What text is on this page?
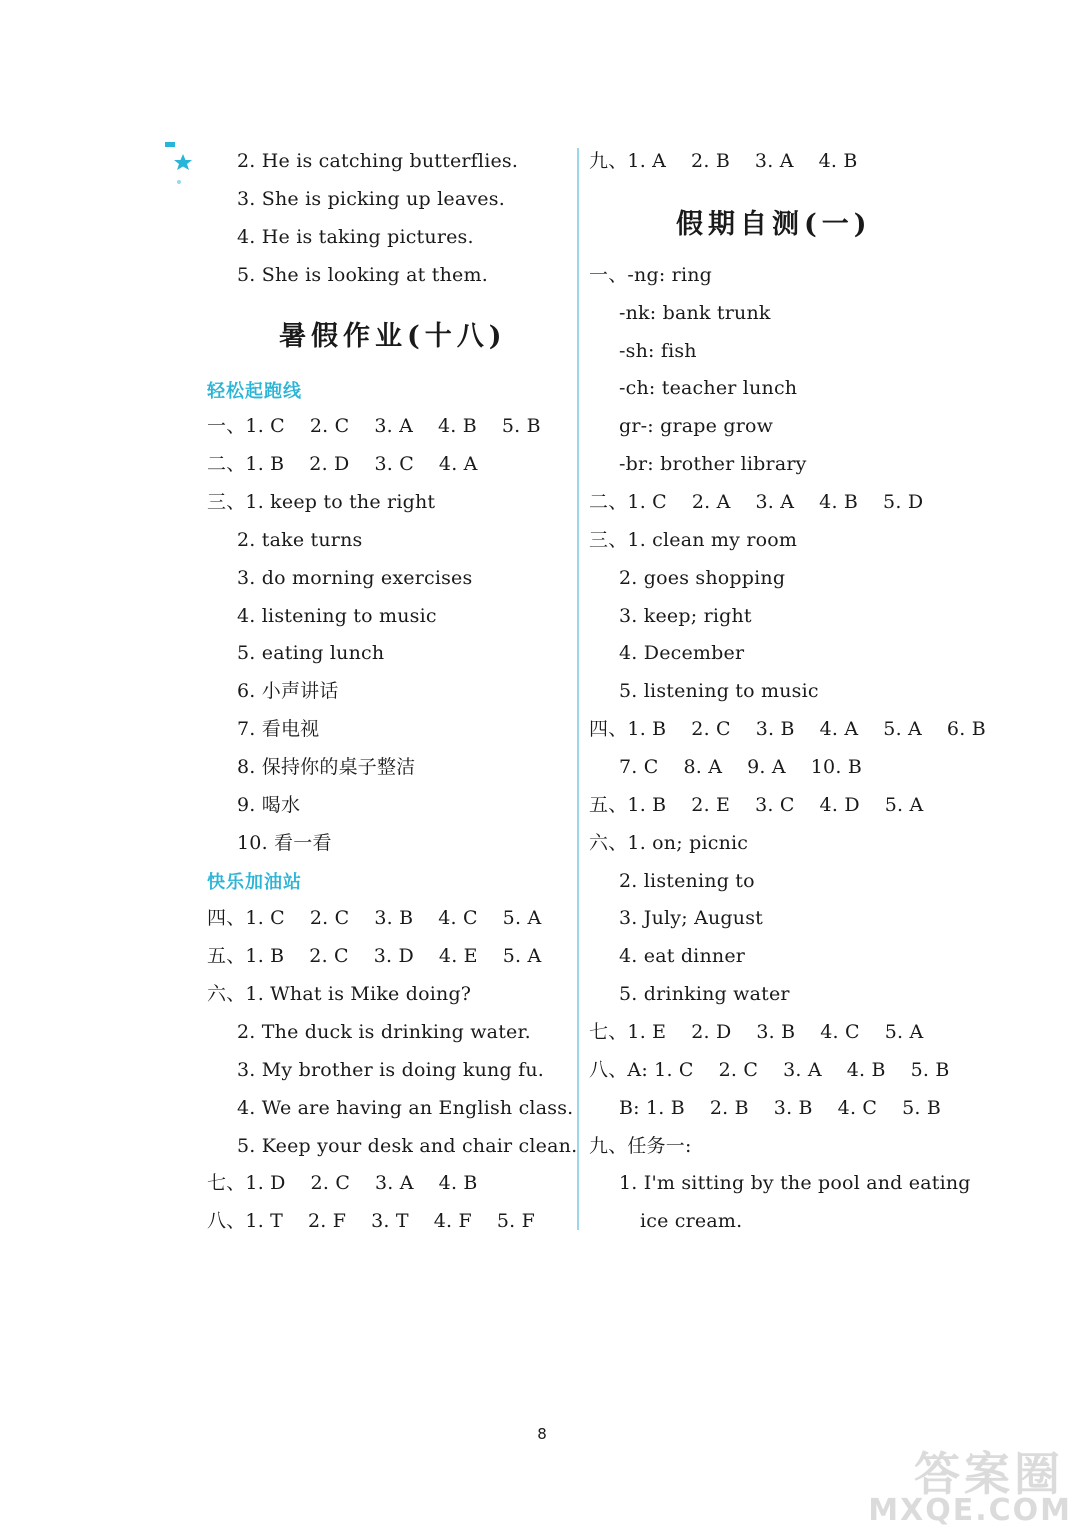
2. He is catching butterflies.
3. She is picking up leaves.
4. He is taking pictures.
5. She is looking at them.
暑假作业(十八)
轻松起跑线
一、1. C    2. C    3. A    4. B    5. B
二、1. B    2. D    3. C    4. A
三、1. keep to the right
2. take turns
3. do morning exercises
4. listening to music
5. eating lunch
6. 小声讲话
7. 看电视
8. 保持你的桌子整洁
9. 喝水
10. 看一看
快乐加油站
四、1. C    2. C    3. B    4. C    5. A
五、1. B    2. C    3. D    4. E    5. A
六、1. What is Mike doing?
2. The duck is drinking water.
3. My brother is doing kung fu.
4. We are having an English class.
5. Keep your desk and chair clean.
七、1. D    2. C    3. A    4. B
八、1. T    2. F    3. T    4. F    5. F
九、1. A    2. B    3. A    4. B
假期自测(一)
一、-ng: ring
-nk: bank trunk
-sh: fish
-ch: teacher lunch
gr-: grape grow
-br: brother library
二、1. C    2. A    3. A    4. B    5. D
三、1. clean my room
2. goes shopping
3. keep; right
4. December
5. listening to music
四、1. B    2. C    3. B    4. A    5. A    6. B
7. C    8. A    9. A    10. B
五、1. B    2. E    3. C    4. D    5. A
六、1. on; picnic
2. listening to
3. July; August
4. eat dinner
5. drinking water
七、1. E    2. D    3. B    4. C    5. A
八、A: 1. C    2. C    3. A    4. B    5. B
B: 1. B    2. B    3. B    4. C    5. B
九、任务一:
1. I'm sitting by the pool and eating
ice cream.
8
答案圈
MXQE.COM
